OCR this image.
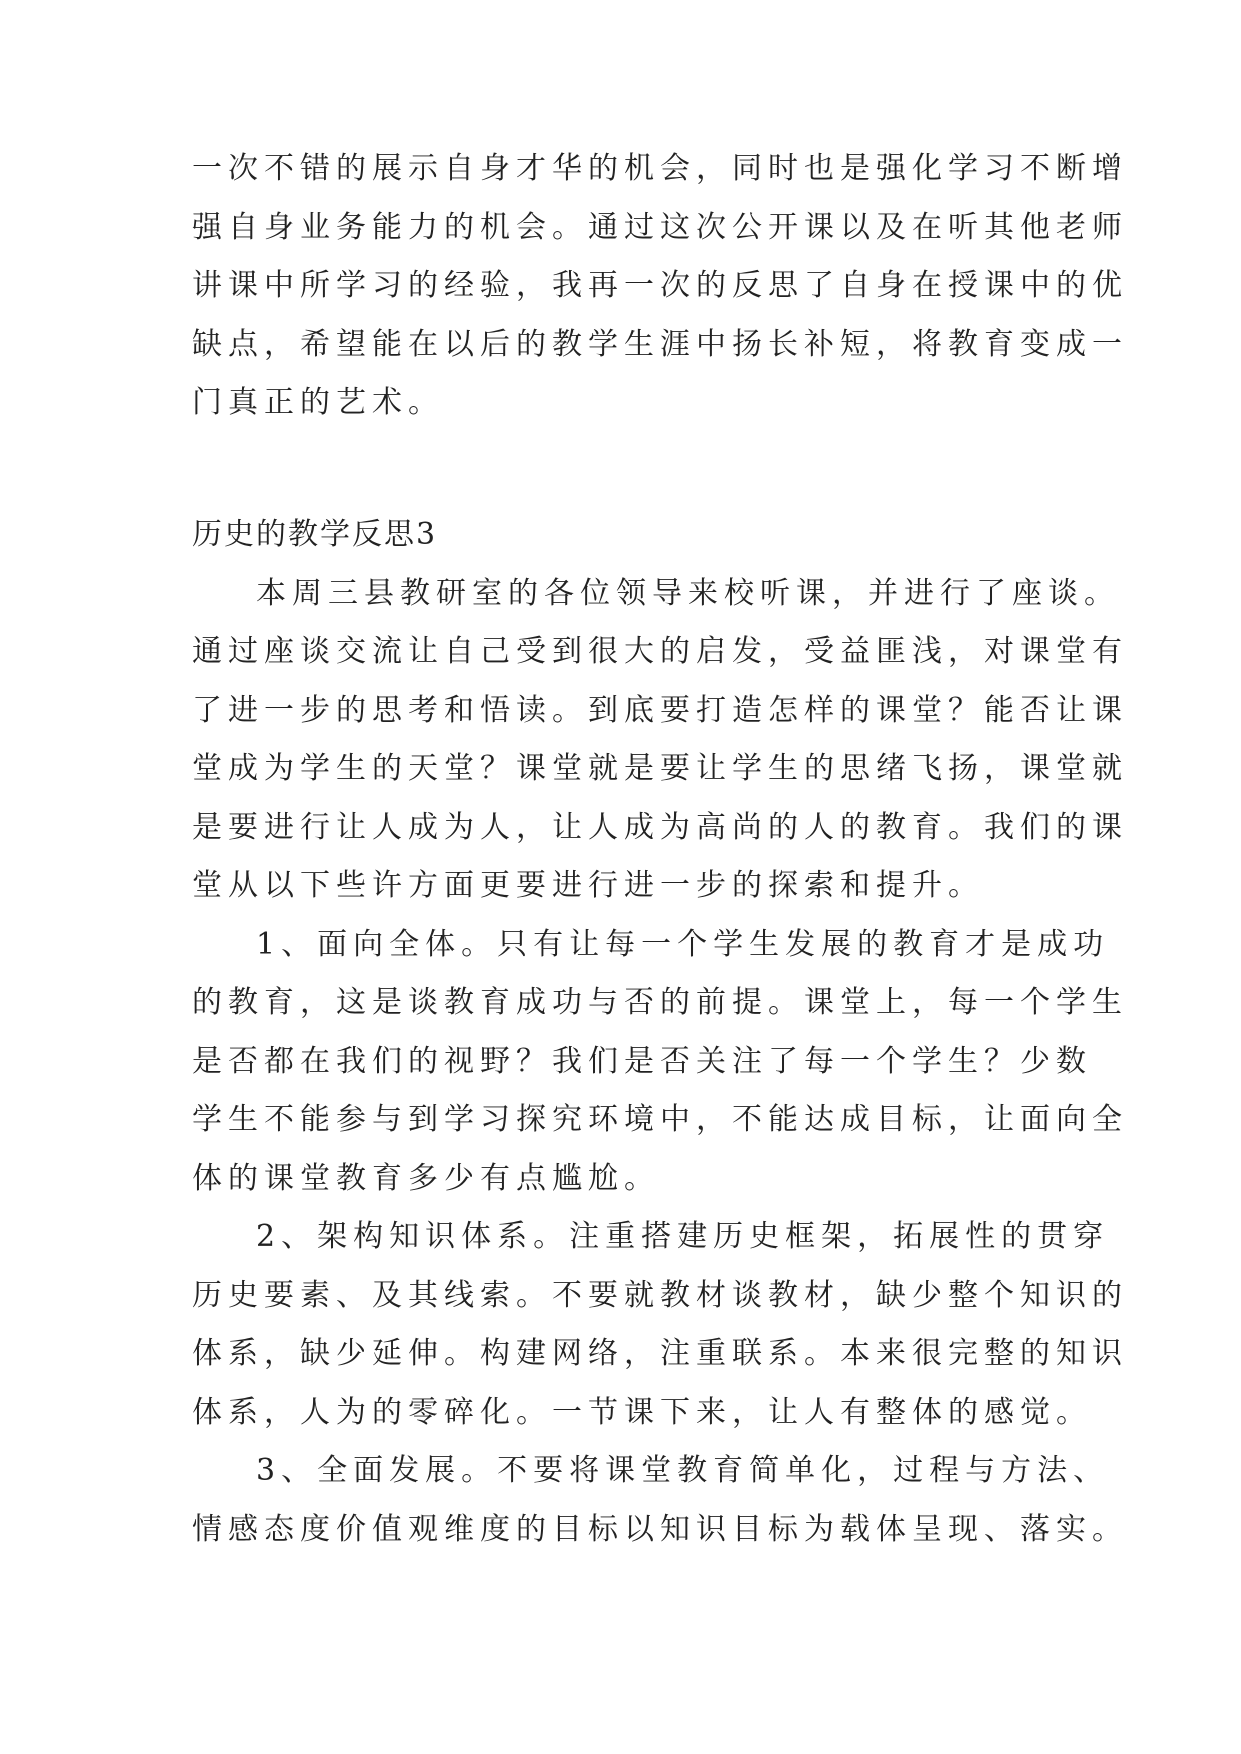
一次不错的展示自身才华的机会，同时也是强化学习不断增
强自身业务能力的机会。通过这次公开课以及在听其他老师
讲课中所学习的经验，我再一次的反思了自身在授课中的优
缺点，希望能在以后的教学生涯中扬长补短，将教育变成一
门真正的艺术。
历史的教学反思3
本周三县教研室的各位领导来校听课，并进行了座谈。
通过座谈交流让自己受到很大的启发，受益匪浅，对课堂有
了进一步的思考和悟读。到底要打造怎样的课堂？能否让课
堂成为学生的天堂？课堂就是要让学生的思绪飞扬，课堂就
是要进行让人成为人，让人成为高尚的人的教育。我们的课
堂从以下些许方面更要进行进一步的探索和提升。
1、面向全体。只有让每一个学生发展的教育才是成功
的教育，这是谈教育成功与否的前提。课堂上，每一个学生
是否都在我们的视野？我们是否关注了每一个学生？少数
学生不能参与到学习探究环境中，不能达成目标，让面向全
体的课堂教育多少有点尴尬。
2、架构知识体系。注重搭建历史框架，拓展性的贯穿
历史要素、及其线索。不要就教材谈教材，缺少整个知识的
体系，缺少延伸。构建网络，注重联系。本来很完整的知识
体系，人为的零碎化。一节课下来，让人有整体的感觉。
3、全面发展。不要将课堂教育简单化，过程与方法、
情感态度价值观维度的目标以知识目标为载体呈现、落实。
